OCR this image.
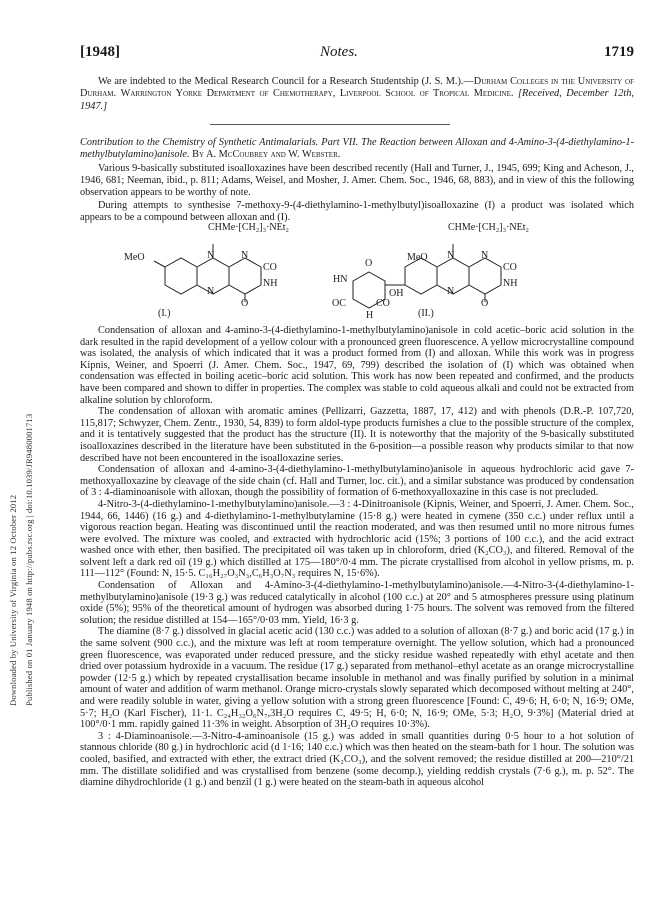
Downloaded by University of Virginia on 12 October 2012 Published on 01 January 1948 on http://pubs.rsc.org | doi:10.1039/JR9480001713
[1948]	Notes.	1719

We are indebted to the Medical Research Council for a Research Studentship (J. S. M.).—Durham Colleges in the University of Durham. Warrington Yorke Department of Chemotherapy, Liverpool School of Tropical Medicine. [Received, December 12th, 1947.]

Contribution to the Chemistry of Synthetic Antimalarials. Part VII. The Reaction between Alloxan and 4-Amino-3-(4-diethylamino-1-methylbutylamino)anisole. By A. McCoubrey and W. Webster.

Various 9-basically substituted isoalloxazines have been described recently (Hall and Turner, J., 1945, 699; King and Acheson, J., 1946, 681; Neeman, ibid., p. 811; Adams, Weisel, and Mosher, J. Amer. Chem. Soc., 1946, 68, 883), and in view of this the following observation appears to be worthy of note.

During attempts to synthesise 7-methoxy-9-(4-diethylamino-1-methylbutyl)isoalloxazine (I) a product was isolated which appears to be a compound between alloxan and (I).

CHMe·[CH₂]₃·NEt₂
MeO	N	N
CO
NH
N
O
(I.)
CHMe·[CH₂]₃·NEt₂
MeO N	N
CO
NH
N
O
OH
HN
OC	CO
O
H	(II.)

Condensation of alloxan and 4-amino-3-(4-diethylamino-1-methylbutylamino)anisole in cold acetic–boric acid solution in the dark resulted in the rapid development of a yellow colour with a pronounced green fluorescence. A yellow microcrystalline compound was isolated, the analysis of which indicated that it was a product formed from (I) and alloxan. While this work was in progress Kipnis, Weiner, and Spoerri (J. Amer. Chem. Soc., 1947, 69, 799) described the isolation of (I) which was obtained when condensation was effected in boiling acetic–boric acid solution. This work has now been repeated and confirmed, and the products have been compared and shown to differ in properties. The complex was stable to cold aqueous alkali and could not be extracted from alkaline solution by chloroform.

The condensation of alloxan with aromatic amines (Pellizarri, Gazzetta, 1887, 17, 412) and with phenols (D.R.-P. 107,720, 115,817; Schwyzer, Chem. Zentr., 1930, 54, 839) to form aldol-type products furnishes a clue to the possible structure of the complex, and it is tentatively suggested that the product has the structure (II). It is noteworthy that the majority of the 9-basically substituted isoalloxazines described in the literature have been substituted in the 6-position—a possible reason why products similar to that now described have not been encountered in the isoalloxazine series.

Condensation of alloxan and 4-amino-3-(4-diethylamino-1-methylbutylamino)anisole in aqueous hydrochloric acid gave 7-methoxyalloxazine by cleavage of the side chain (cf. Hall and Turner, loc. cit.), and a similar substance was produced by condensation of 3 : 4-diaminoanisole with alloxan, though the possibility of formation of 6-methoxyalloxazine in this case is not precluded.

4-Nitro-3-(4-diethylamino-1-methylbutylamino)anisole.—3 : 4-Dinitroanisole (Kipnis, Weiner, and Spoerri, J. Amer. Chem. Soc., 1944, 66, 1446) (16 g.) and 4-diethylamino-1-methylbutylamine (15·8 g.) were heated in cymene (350 c.c.) under reflux until a vigorous reaction began. Heating was discontinued until the reaction moderated, and was then resumed until no more nitrous fumes were evolved. The mixture was cooled, and extracted with hydrochloric acid (15%; 3 portions of 100 c.c.), and the acid extract washed once with ether, then basified. The precipitated oil was taken up in chloroform, dried (K₂CO₃), and filtered. Removal of the solvent left a dark red oil (19 g.) which distilled at 175—180°/0·4 mm. The picrate crystallised from alcohol in yellow prisms, m. p. 111—112° (Found: N, 15·5. C₁₆H₂₇O₃N₃,C₆H₃O₇N₃ requires N, 15·6%).

Condensation of Alloxan and 4-Amino-3-(4-diethylamino-1-methylbutylamino)anisole.—4-Nitro-3-(4-diethylamino-1-methylbutylamino)anisole (19·3 g.) was reduced catalytically in alcohol (100 c.c.) at 20° and 5 atmospheres pressure using platinum oxide (5%); 95% of the theoretical amount of hydrogen was absorbed during 1·75 hours. The solvent was removed from the filtered solution; the residue distilled at 154—165°/0·03 mm. Yield, 16·3 g.

The diamine (8·7 g.) dissolved in glacial acetic acid (130 c.c.) was added to a solution of alloxan (8·7 g.) and boric acid (17 g.) in the same solvent (900 c.c.), and the mixture was left at room temperature overnight. The yellow solution, which had a pronounced green fluorescence, was evaporated under reduced pressure, and the sticky residue washed repeatedly with ethyl acetate and then dried over potassium hydroxide in a vacuum. The residue (17 g.) separated from methanol–ethyl acetate as an orange microcrystalline powder (12·5 g.) which by repeated crystallisation became insoluble in methanol and was finally purified by solution in a minimal amount of water and addition of warm methanol. Orange micro-crystals slowly separated which decomposed without melting at 240°, and were readily soluble in water, giving a yellow solution with a strong green fluorescence [Found: C, 49·6; H, 6·0; N, 16·9; OMe, 5·7; H₂O (Karl Fischer), 11·1. C₂₄H₃₂O₆N₇,3H₂O requires C, 49·5; H, 6·0; N, 16·9; OMe, 5·3; H₂O, 9·3%] (Material dried at 100°/0·1 mm. rapidly gained 11·3% in weight. Absorption of 3H₂O requires 10·3%).

3 : 4-Diaminoanisole.—3-Nitro-4-aminoanisole (15 g.) was added in small quantities during 0·5 hour to a hot solution of stannous chloride (80 g.) in hydrochloric acid (d 1·16; 140 c.c.) which was then heated on the steam-bath for 1 hour. The solution was cooled, basified, and extracted with ether, the extract dried (K₂CO₃), and the solvent removed; the residue distilled at 200—210°/21 mm. The distillate solidified and was crystallised from benzene (some decomp.), yielding reddish crystals (7·6 g.), m. p. 52°. The diamine dihydrochloride (1 g.) and benzil (1 g.) were heated on the steam-bath in aqueous alcohol
